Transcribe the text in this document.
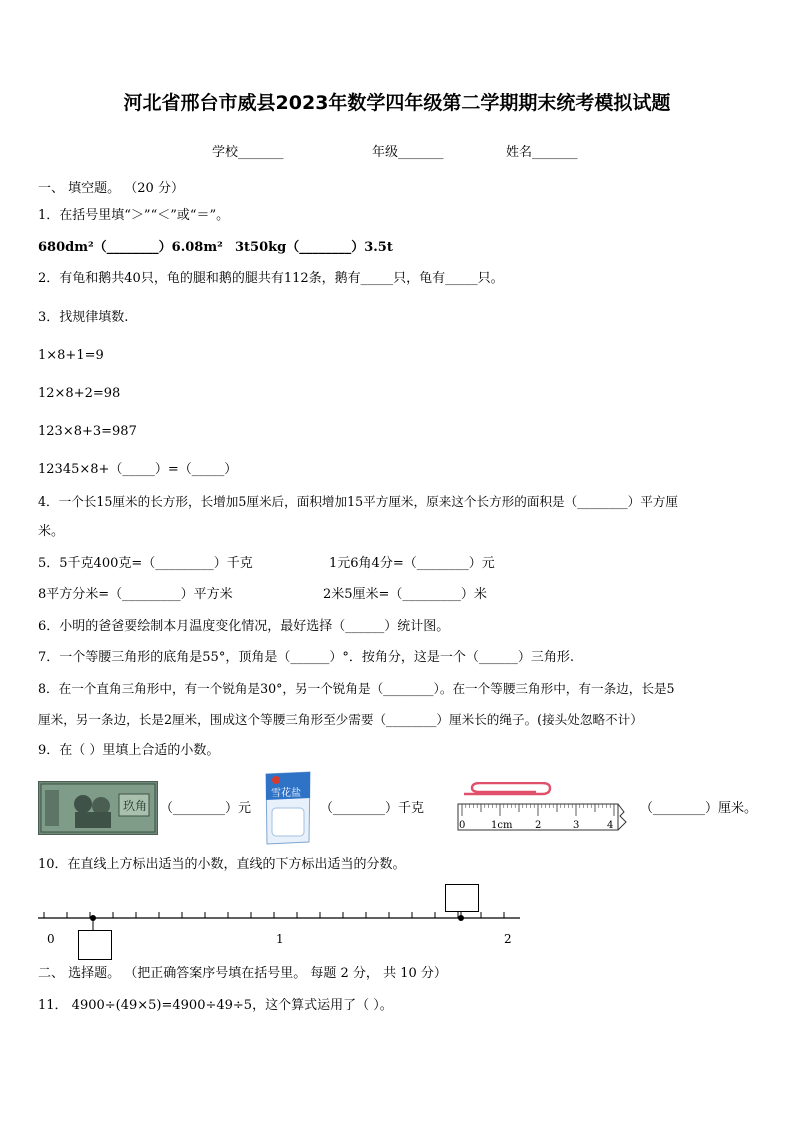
河北省邢台市威县2023年数学四年级第二学期期末统考模拟试题
学校_______	年级_______	姓名_______
一、 填空题。 （20 分）
1．在括号里填“＞”“＜”或“＝”。
680dm²（________）6.08m² 3t50kg（________）3.5t
2．有龟和鹅共40只，龟的腿和鹅的腿共有112条，鹅有_____只，龟有_____只。
3．找规律填数.
1×8+1=9
12×8+2=98
123×8+3=987
12345×8+（_____）=（_____）
4．一个长15厘米的长方形，长增加5厘米后，面积增加15平方厘米，原来这个长方形的面积是（________）平方厘
米。
5．5千克400克=（_________）千克	1元6角4分=（________）元
8平方分米=（_________）平方米	2米5厘米=（_________）米
6．小明的爸爸要绘制本月温度变化情况，最好选择（______）统计图。
7．一个等腰三角形的底角是55°，顶角是（______）°．按角分，这是一个（______）三角形.
8．在一个直角三角形中，有一个锐角是30°，另一个锐角是（________）。在一个等腰三角形中，有一条边，长是5
厘米，另一条边，长是2厘米，围成这个等腰三角形至少需要（________）厘米长的绳子。(接头处忽略不计）
9．在（ ）里填上合适的小数。
玖角 （________）元
雪花盐
（________）千克
0	1cm 2	3	4
（________）厘米。
10．在直线上方标出适当的小数，直线的下方标出适当的分数。
0	1	2
二、 选择题。 （把正确答案序号填在括号里。 每题 2 分， 共 10 分）
11． 4900÷(49×5)=4900÷49÷5，这个算式运用了（ ）。
